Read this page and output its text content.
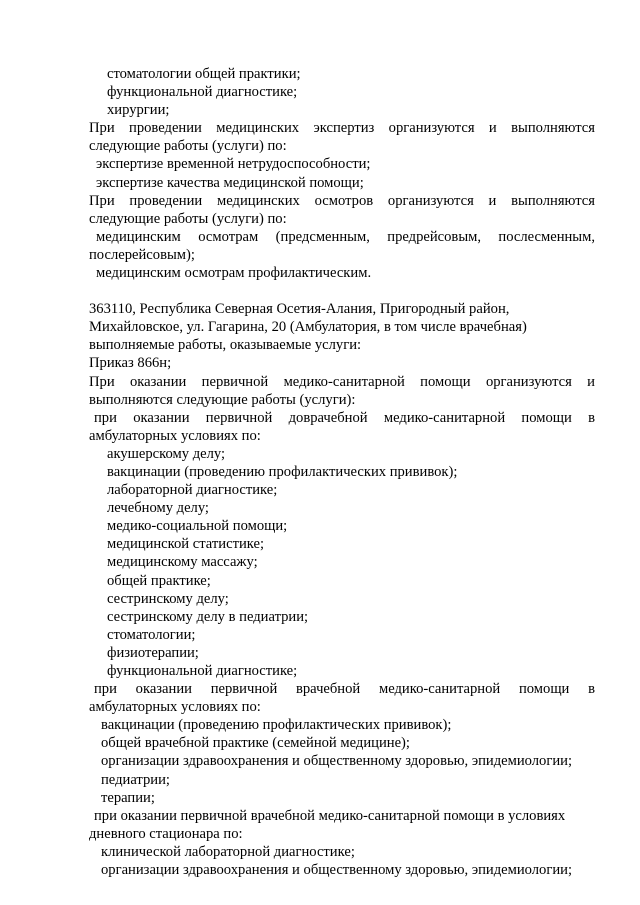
стоматологии общей практики;
функциональной диагностике;
хирургии;
При проведении медицинских экспертиз организуются и выполняются
следующие работы (услуги) по:
экспертизе временной нетрудоспособности;
экспертизе качества медицинской помощи;
При проведении медицинских осмотров организуются и выполняются
следующие работы (услуги) по:
медицинским осмотрам (предсменным, предрейсовым, послесменным,
послерейсовым);
медицинским осмотрам профилактическим.
363110, Республика Северная Осетия-Алания, Пригородный район,
Михайловское, ул. Гагарина, 20 (Амбулатория, в том числе врачебная)
выполняемые работы, оказываемые услуги:
Приказ 866н;
При оказании первичной медико-санитарной помощи организуются и
выполняются следующие работы (услуги):
при оказании первичной доврачебной медико-санитарной помощи в
амбулаторных условиях по:
акушерскому делу;
вакцинации (проведению профилактических прививок);
лабораторной диагностике;
лечебному делу;
медико-социальной помощи;
медицинской статистике;
медицинскому массажу;
общей практике;
сестринскому делу;
сестринскому делу в педиатрии;
стоматологии;
физиотерапии;
функциональной диагностике;
при оказании первичной врачебной медико-санитарной помощи в
амбулаторных условиях по:
вакцинации (проведению профилактических прививок);
общей врачебной практике (семейной медицине);
организации здравоохранения и общественному здоровью, эпидемиологии;
педиатрии;
терапии;
при оказании первичной врачебной медико-санитарной помощи в условиях
дневного стационара по:
клинической лабораторной диагностике;
организации здравоохранения и общественному здоровью, эпидемиологии;
